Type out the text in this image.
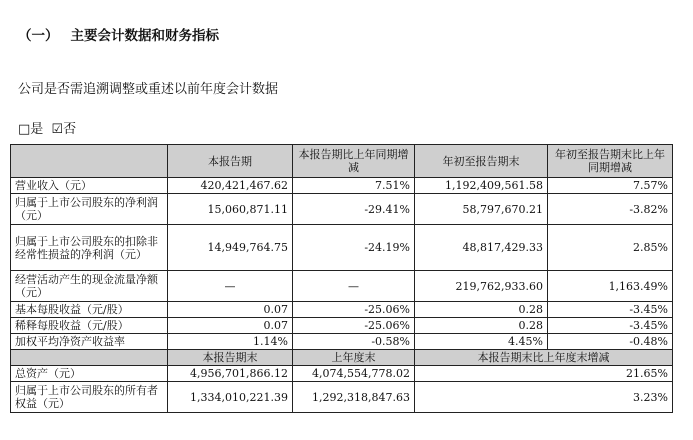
（一） 主要会计数据和财务指标
公司是否需追溯调整或重述以前年度会计数据
□是 ☑否
	本报告期	本报告期比上年同期增减	年初至报告期末	年初至报告期末比上年同期增减
营业收入（元）	420,421,467.62	7.51%	1,192,409,561.58	7.57%
归属于上市公司股东的净利润（元）	15,060,871.11	-29.41%	58,797,670.21	-3.82%
归属于上市公司股东的扣除非经常性损益的净利润（元）	14,949,764.75	-24.19%	48,817,429.33	2.85%
经营活动产生的现金流量净额（元）	—	—	219,762,933.60	1,163.49%
基本每股收益（元/股）	0.07	-25.06%	0.28	-3.45%
稀释每股收益（元/股）	0.07	-25.06%	0.28	-3.45%
加权平均净资产收益率	1.14%	-0.58%	4.45%	-0.48%
	本报告期末	上年度末	本报告期末比上年度末增减	
总资产（元）	4,956,701,866.12	4,074,554,778.02	21.65%	
归属于上市公司股东的所有者权益（元）	1,334,010,221.39	1,292,318,847.63	3.23%	
